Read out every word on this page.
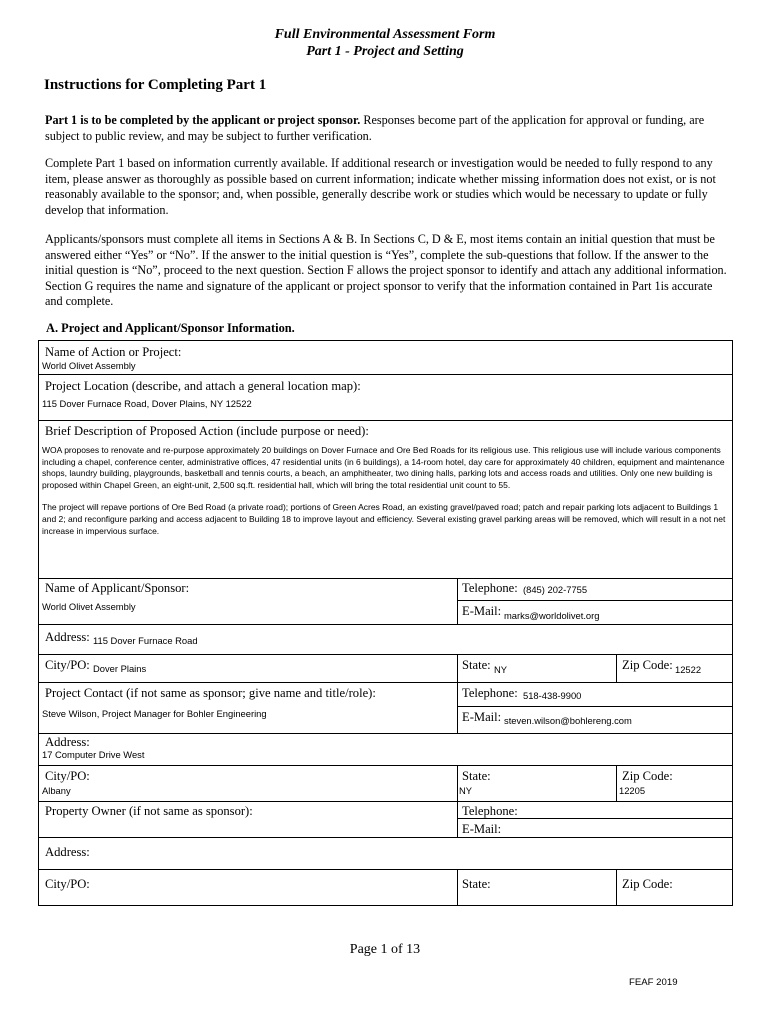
Full Environmental Assessment Form
Part 1 - Project and Setting
Instructions for Completing Part 1
Part 1 is to be completed by the applicant or project sponsor. Responses become part of the application for approval or funding, are subject to public review, and may be subject to further verification.
Complete Part 1 based on information currently available. If additional research or investigation would be needed to fully respond to any item, please answer as thoroughly as possible based on current information; indicate whether missing information does not exist, or is not reasonably available to the sponsor; and, when possible, generally describe work or studies which would be necessary to update or fully develop that information.
Applicants/sponsors must complete all items in Sections A & B. In Sections C, D & E, most items contain an initial question that must be answered either “Yes” or “No”. If the answer to the initial question is “Yes”, complete the sub-questions that follow. If the answer to the initial question is “No”, proceed to the next question. Section F allows the project sponsor to identify and attach any additional information. Section G requires the name and signature of the applicant or project sponsor to verify that the information contained in Part 1is accurate and complete.
A. Project and Applicant/Sponsor Information.
Name of Action or Project:
World Olivet Assembly
Project Location (describe, and attach a general location map):
115 Dover Furnace Road, Dover Plains, NY 12522
Brief Description of Proposed Action (include purpose or need):
WOA proposes to renovate and re-purpose approximately 20 buildings on Dover Furnace and Ore Bed Roads for its religious use. This religious use will include various components including a chapel, conference center, administrative offices, 47 residential units (in 6 buildings), a 14-room hotel, day care for approximately 40 children, equipment and maintenance shops, laundry building, playgrounds, basketball and tennis courts, a beach, an amphitheater, two dining halls, parking lots and access roads and utilities. Only one new building is proposed within Chapel Green, an eight-unit, 2,500 sq.ft. residential hall, which will bring the total residential unit count to 55.
The project will repave portions of Ore Bed Road (a private road); portions of Green Acres Road, an existing gravel/paved road; patch and repair parking lots adjacent to Buildings 1 and 2; and reconfigure parking and access adjacent to Building 18 to improve layout and efficiency. Several existing gravel parking areas will be removed, which will result in a not net increase in impervious surface.
Name of Applicant/Sponsor:
World Olivet Assembly
Telephone: (845) 202-7755
E-Mail: marks@worldolivet.org
Address: 115 Dover Furnace Road
City/PO: Dover Plains	State: NY	Zip Code: 12522
Project Contact (if not same as sponsor; give name and title/role):
Steve Wilson, Project Manager for Bohler Engineering
Telephone: 518-438-9900
E-Mail: steven.wilson@bohlereng.com
Address:
17 Computer Drive West
City/PO:
Albany
State:
NY
Zip Code:
12205
Property Owner (if not same as sponsor):	Telephone:
E-Mail:
Address:
City/PO:	State:	Zip Code:
Page 1 of 13
FEAF 2019
